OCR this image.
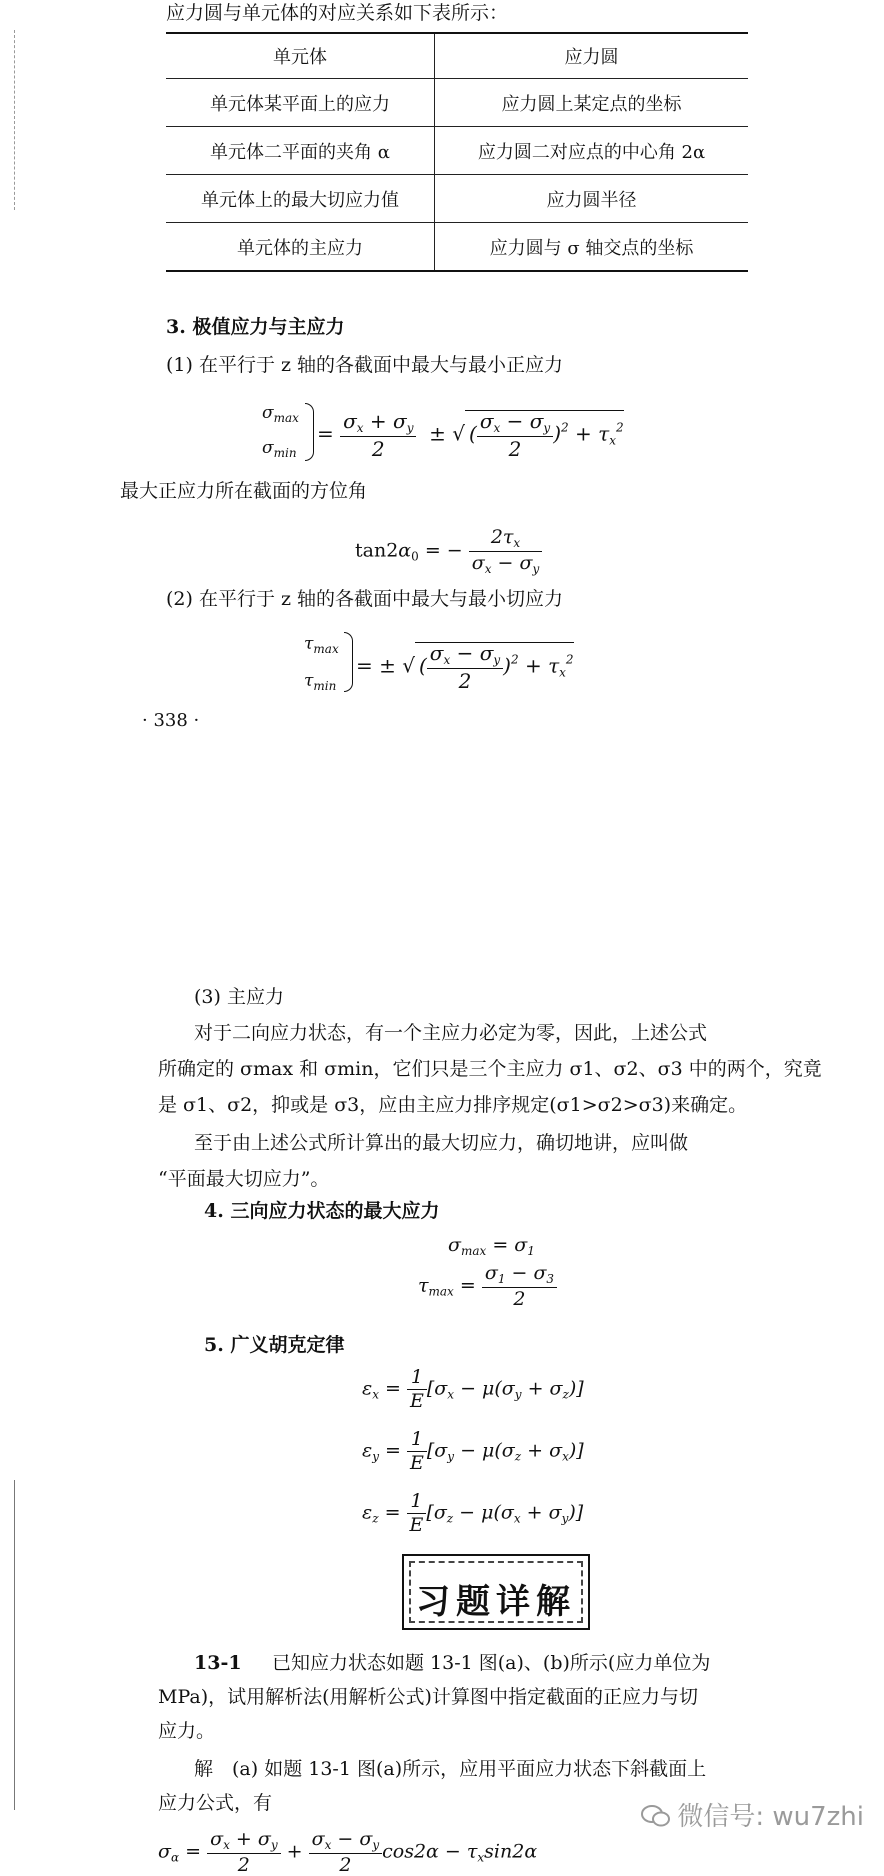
应力圆与单元体的对应关系如下表所示：
单元体	应力圆
单元体某平面上的应力	应力圆上某定点的坐标
单元体二平面的夹角 α	应力圆二对应点的中心角 2α
单元体上的最大切应力值	应力圆半径
单元体的主应力	应力圆与 σ 轴交点的坐标
3. 极值应力与主应力
(1) 在平行于 z 轴的各截面中最大与最小正应力
$\sigma_{max}$
$\sigma_{min}$
= $\frac{\sigma_x + \sigma_y}{2}$ ± √ ( $\frac{\sigma_x - \sigma_y}{2} )^2 + \tau_x^2$
最大正应力所在截面的方位角
$\tan 2\alpha_0$ = − $\frac{2\tau_x}{\sigma_x - \sigma_y}$
(2) 在平行于 z 轴的各截面中最大与最小切应力
$\tau_{max}$
$\tau_{min}$
= ± √ ( $\frac{\sigma_x - \sigma_y}{2} )^2 + \tau_x^2$
· 338 ·
(3) 主应力
对于二向应力状态，有一个主应力必定为零，因此，上述公式
所确定的 σmax 和 σmin，它们只是三个主应力 σ1、σ2、σ3 中的两个，究竟
是 σ1、σ2，抑或是 σ3，应由主应力排序规定(σ1>σ2>σ3)来确定。
至于由上述公式所计算出的最大切应力，确切地讲，应叫做
“平面最大切应力”。
4. 三向应力状态的最大应力
$\sigma_{max} = \sigma_1$
$\tau_{max} = \frac{\sigma_1 - \sigma_3}{2}$
5. 广义胡克定律
$\varepsilon_x = \frac{1}{E} [\sigma_x - \mu(\sigma_y + \sigma_z)]$
$\varepsilon_y = \frac{1}{E} [\sigma_y - \mu(\sigma_z + \sigma_x)]$
$\varepsilon_z = \frac{1}{E} [\sigma_z - \mu(\sigma_x + \sigma_y)]$
习题详解
13-1 已知应力状态如题 13-1 图(a)、(b)所示(应力单位为
MPa)，试用解析法(用解析公式)计算图中指定截面的正应力与切
应力。
解　(a) 如题 13-1 图(a)所示，应用平面应力状态下斜截面上
应力公式，有
$\sigma_\alpha = \frac{\sigma_x + \sigma_y}{2} + \frac{\sigma_x - \sigma_y}{2} \cos 2\alpha - \tau_x\sin 2\alpha$
微信号: wu7zhi
